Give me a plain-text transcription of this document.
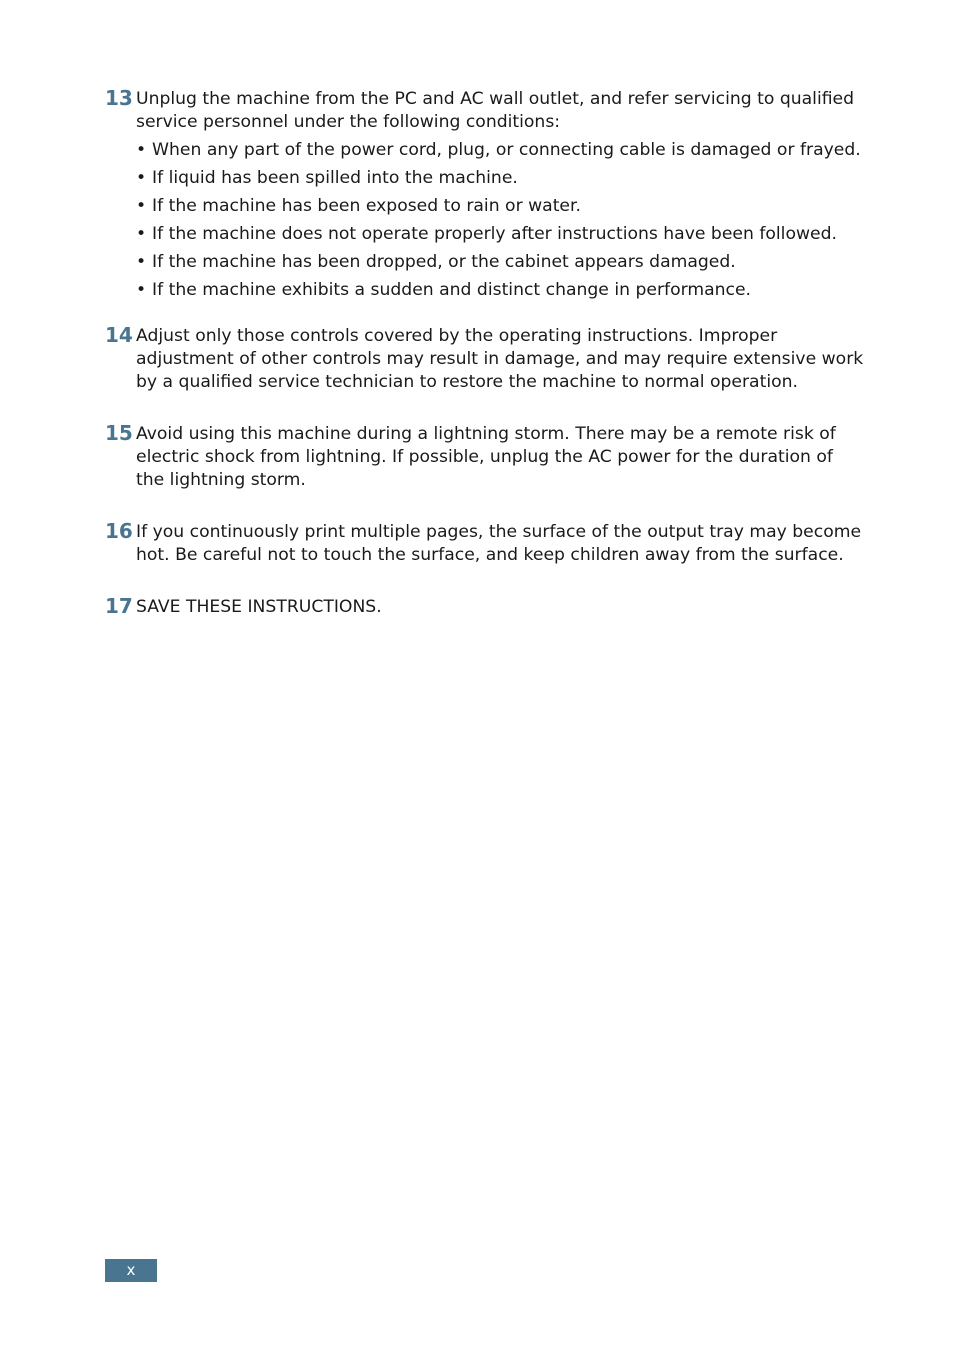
13 Unplug the machine from the PC and AC wall outlet, and refer servicing to qualified service personnel under the following conditions:
• When any part of the power cord, plug, or connecting cable is damaged or frayed.
• If liquid has been spilled into the machine.
• If the machine has been exposed to rain or water.
• If the machine does not operate properly after instructions have been followed.
• If the machine has been dropped, or the cabinet appears damaged.
• If the machine exhibits a sudden and distinct change in performance.
14 Adjust only those controls covered by the operating instructions. Improper adjustment of other controls may result in damage, and may require extensive work by a qualified service technician to restore the machine to normal operation.
15 Avoid using this machine during a lightning storm. There may be a remote risk of electric shock from lightning. If possible, unplug the AC power for the duration of the lightning storm.
16 If you continuously print multiple pages, the surface of the output tray may become hot. Be careful not to touch the surface, and keep children away from the surface.
17 SAVE THESE INSTRUCTIONS.
x
